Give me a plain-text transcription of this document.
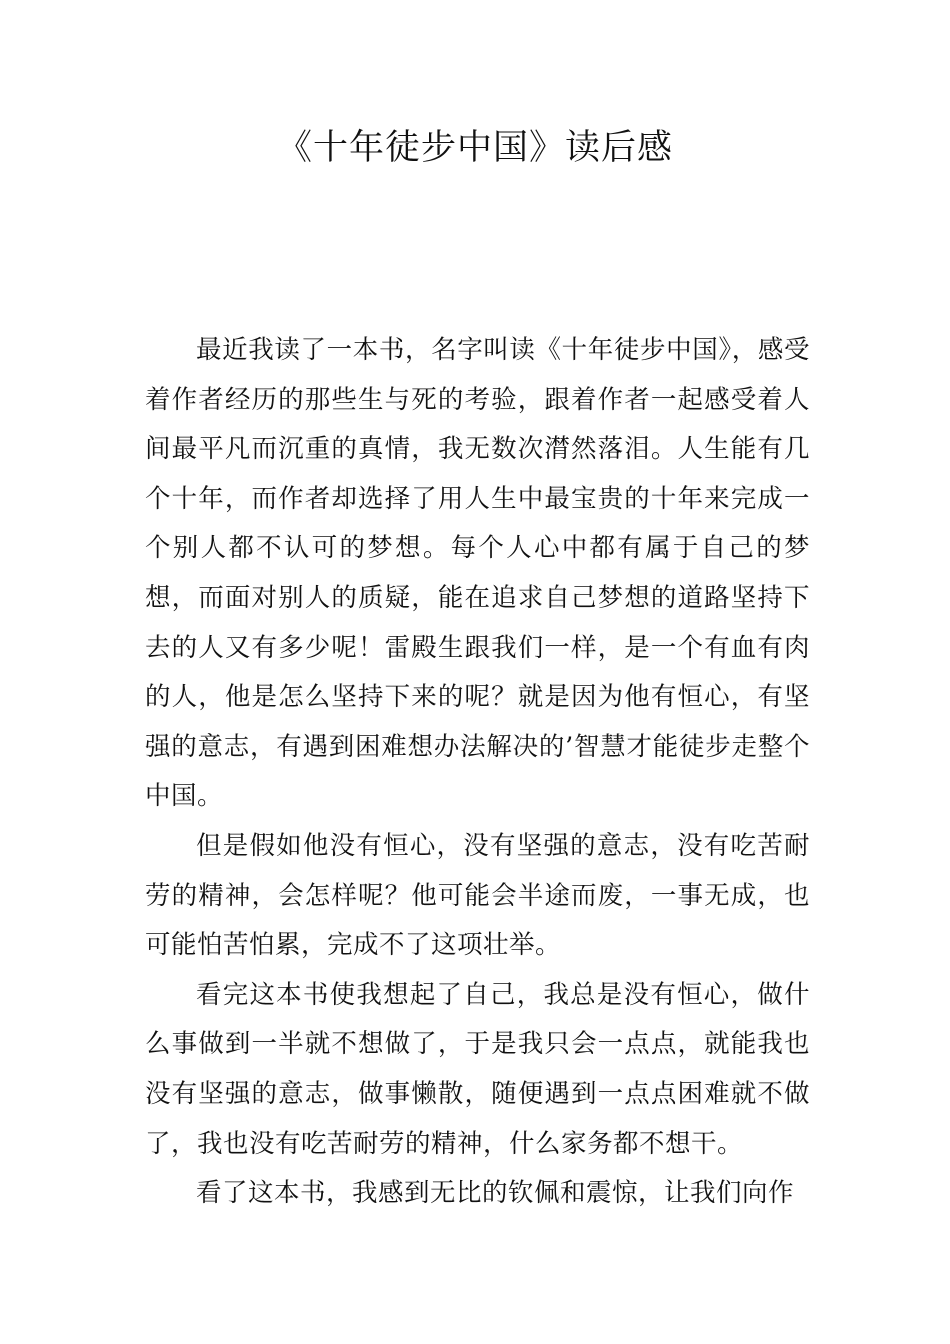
《十年徒步中国》读后感

最近我读了一本书，名字叫读《十年徒步中国》，感受着作者经历的那些生与死的考验，跟着作者一起感受着人间最平凡而沉重的真情，我无数次潸然落泪。人生能有几个十年，而作者却选择了用人生中最宝贵的十年来完成一个别人都不认可的梦想。每个人心中都有属于自己的梦想，而面对别人的质疑，能在追求自己梦想的道路坚持下去的人又有多少呢！雷殿生跟我们一样，是一个有血有肉的人，他是怎么坚持下来的呢？就是因为他有恒心，有坚强的意志，有遇到困难想办法解决的’智慧才能徒步走整个中国。

但是假如他没有恒心，没有坚强的意志，没有吃苦耐劳的精神，会怎样呢？他可能会半途而废，一事无成，也可能怕苦怕累，完成不了这项壮举。

看完这本书使我想起了自己，我总是没有恒心，做什么事做到一半就不想做了，于是我只会一点点，就能我也没有坚强的意志，做事懒散，随便遇到一点点困难就不做了，我也没有吃苦耐劳的精神，什么家务都不想干。

看了这本书，我感到无比的钦佩和震惊，让我们向作
